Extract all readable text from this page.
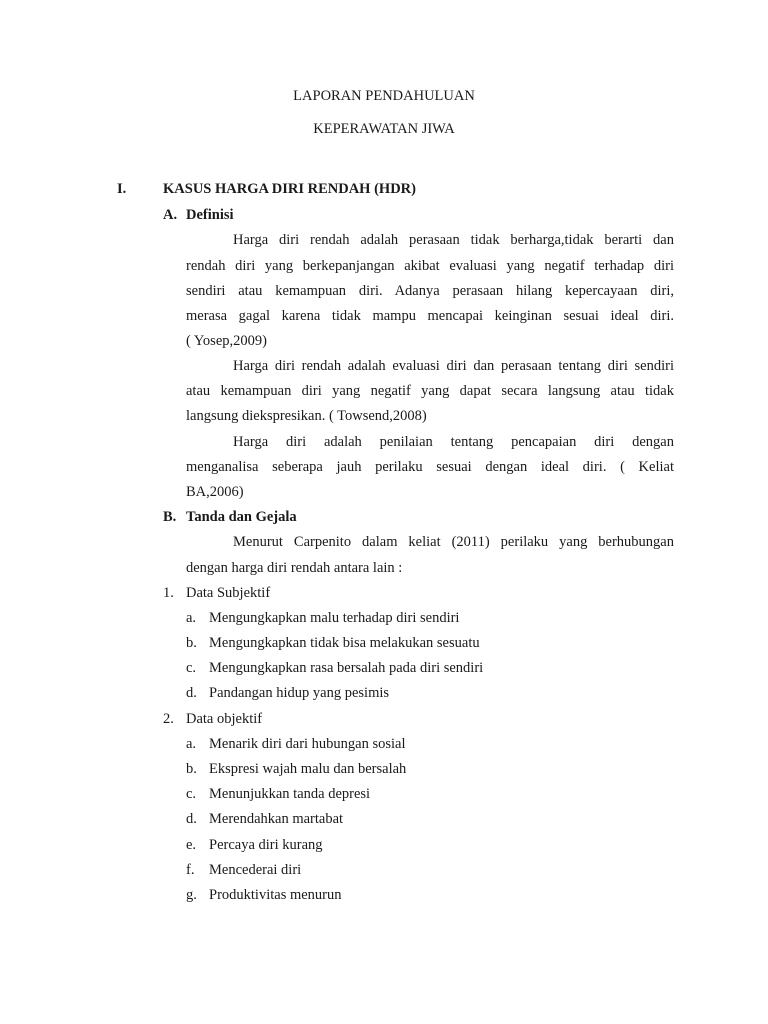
LAPORAN PENDAHULUAN
KEPERAWATAN JIWA
I.	KASUS HARGA DIRI RENDAH (HDR)
A. Definisi
Harga diri rendah adalah perasaan tidak berharga,tidak berarti dan
rendah diri yang berkepanjangan akibat evaluasi yang negatif terhadap diri
sendiri atau kemampuan diri. Adanya perasaan hilang kepercayaan diri,
merasa gagal karena tidak mampu mencapai keinginan sesuai ideal diri.
( Yosep,2009)
Harga diri rendah adalah evaluasi diri dan perasaan tentang diri sendiri
atau kemampuan diri yang negatif yang dapat secara langsung atau tidak
langsung diekspresikan. ( Towsend,2008)
Harga diri adalah penilaian tentang pencapaian diri dengan
menganalisa seberapa jauh perilaku sesuai dengan ideal diri. ( Keliat
BA,2006)
B. Tanda dan Gejala
Menurut Carpenito dalam keliat (2011) perilaku yang berhubungan
dengan harga diri rendah antara lain :
1. Data Subjektif
a. Mengungkapkan malu terhadap diri sendiri
b. Mengungkapkan tidak bisa melakukan sesuatu
c. Mengungkapkan rasa bersalah pada diri sendiri
d. Pandangan hidup yang pesimis
2. Data objektif
a. Menarik diri dari hubungan sosial
b. Ekspresi wajah malu dan bersalah
c. Menunjukkan tanda depresi
d. Merendahkan martabat
e. Percaya diri kurang
f. Mencederai diri
g. Produktivitas menurun
